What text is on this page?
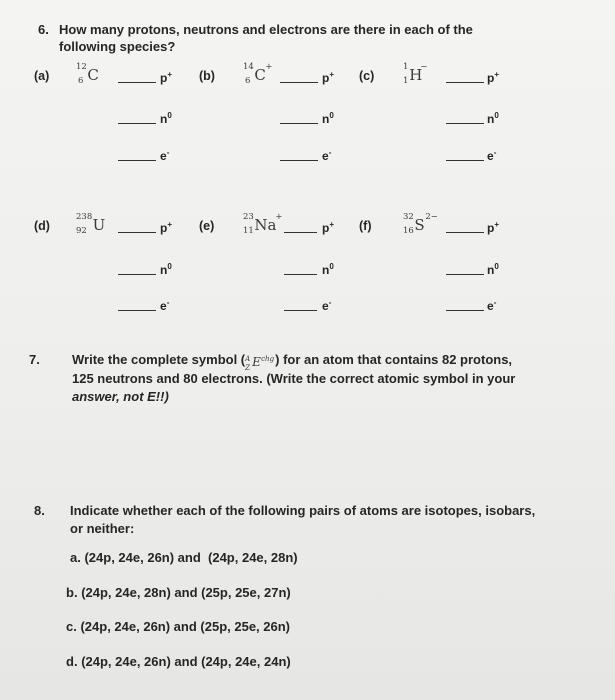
6. How many protons, neutrons and electrons are there in each of the
following species?
(a)
12
6 C	p+
$n^0$
e-
(b)
14
6 C +
p+
$n^0$
e-
(c)
1
1 H
−
p+
$n^0$
e-
(d)
238
92 U	p+
$n^0$
e-
(e)
23
11 Na
+
p+
$n^0$
e-
(f)
32
16 S 2−
p+
$n^0$
e-
7. Write the complete symbol ( A
Z E chg ) for an atom that contains 82 protons,
125 neutrons and 80 electrons. (Write the correct atomic symbol in your
answer, not E!!)
8. Indicate whether each of the following pairs of atoms are isotopes, isobars,
or neither:
a. (24p, 24e, 26n) and  (24p, 24e, 28n)
b. (24p, 24e, 28n) and (25p, 25e, 27n)
c. (24p, 24e, 26n) and (25p, 25e, 26n)
d. (24p, 24e, 26n) and (24p, 24e, 24n)
